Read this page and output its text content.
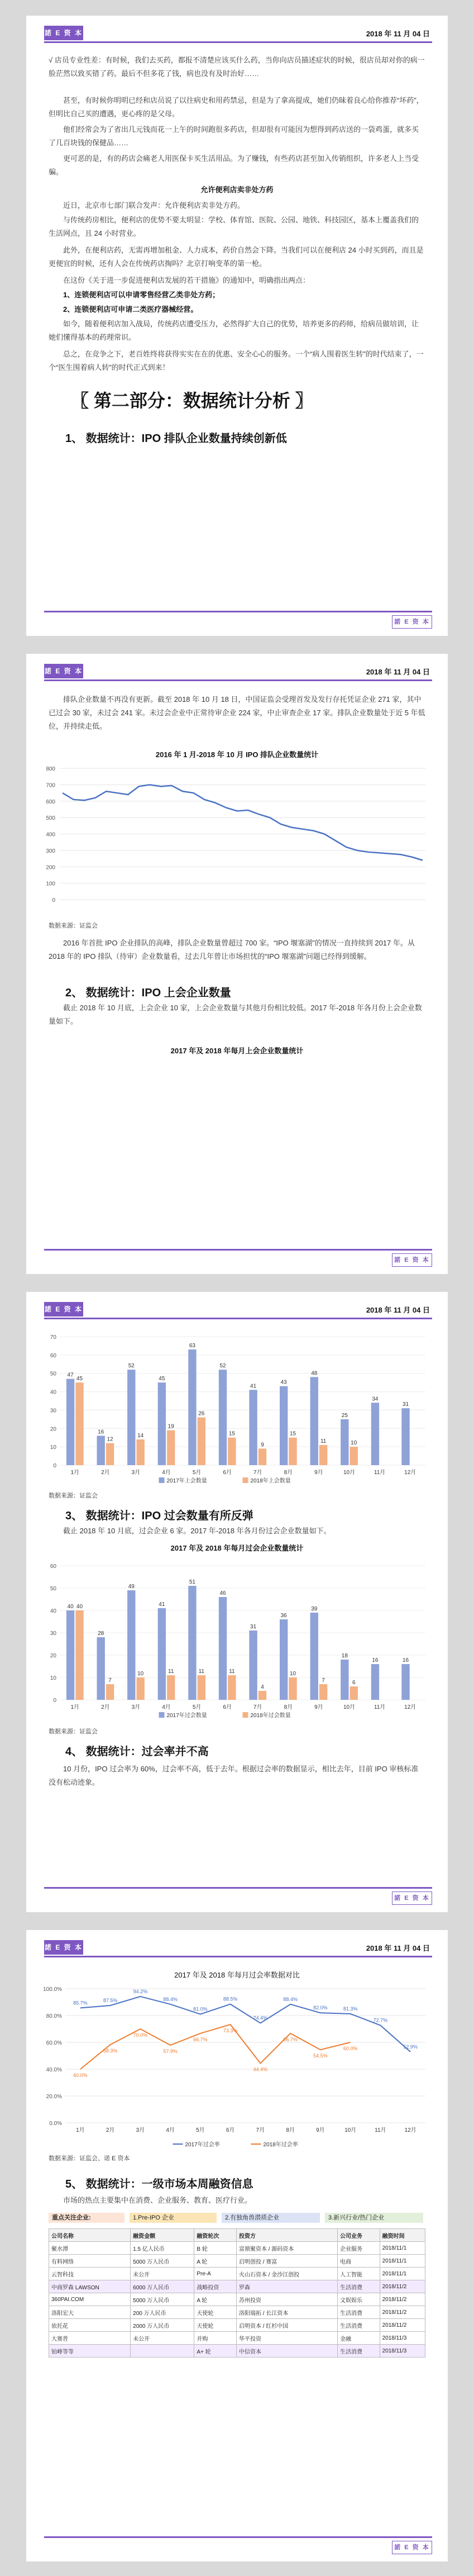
諾 E 资 本	2018 年 11 月 04 日

√ 店员专业性差：有时候，我们去买药，都报不清楚应该买什么药，当你向店员描述症状的时候，很店员却对你的病一脸茫然以致买错了药。最后不但多花了钱，病也没有及时治好……

甚至，有时候你明明已经和店员说了以往病史和用药禁忌，但是为了拿高提成，她们仍昧着良心给你推荐“坏药”，但明比自己买的遭遇，更心疼的是父母。

他们经常会为了省出几元钱而花一上午的时间跑很多药店，但却很有可能因为想得到药店送的一袋鸡蛋，就多买了几百块钱的保健品……

更可恶的是，有的药店会痛老人用医保卡买生活用品。为了赚钱，有些药店甚至加入传销组织，许多老人上当受骗。

允许便利店卖非处方药

近日，北京市七部门联合发声：允许便利店卖非处方药。

与传统药房相比，便利店的优势不要太明显：学校、体育馆、医院、公园、地铁、科技园区，基本上覆盖我们的生活网点，且 24 小时营业。

此外，在便利店药，无需再增加租金、人力成本，药价自然会下降。当我们可以在便利店 24 小时买到药，而且是更便宜的时候，还有人会在传统药店掏吗？北京打响变革的第一枪。

在这份《关于进一步促进便利店发展的若干措施》的通知中，明确指出两点：

1、连锁便利店可以申请零售经营乙类非处方药；

2、连锁便利店可申请二类医疗器械经营。

如今，随着便利店加入战局，传统药店遭受压力，必然得扩大自己的优势，培养更多的药师，给病员做培训，让她们懂得基本的药理常识。

总之，在竞争之下，老百姓终将获得实实在在的优惠、安全心心的服务。一个“病人围着医生转”的时代结束了，一个“医生围着病人转”的时代正式到来！

〖 第二部分：数据统计分析 〗
1、 数据统计：IPO 排队企业数量持续创新低
諾 E 资 本
諾 E 资 本	2018 年 11 月 04 日

排队企业数量不再没有更新。截至 2018 年 10 月 18 日，中国证监会受理首发及发行存托凭证企业 271 家，其中已过会 30 家，未过会 241 家。未过会企业中正常待审企业 224 家，中止审查企业 17 家。排队企业数量处于近 5 年低位，并持续走低。

2016 年 1 月-2018 年 10 月 IPO 排队企业数量统计
0
100
200
300
400
500
600
700
800
数据来源：证监会

2016 年首批 IPO 企业排队的高峰，排队企业数量曾超过 700 家。“IPO 堰塞湖”的情况一直持续到 2017 年。从 2018 年的 IPO 排队（待审）企业数量看，过去几年曾让市场担忧的“IPO 堰塞湖”问题已经得到缓解。

2、 数据统计：IPO 上会企业数量

截止 2018 年 10 月底，上会企业 10 家，上会企业数量与其他月份相比较低。2017 年-2018 年各月份上会企业数量如下。

2017 年及 2018 年每月上会企业数量统计
諾 E 资 本
諾 E 资 本	2018 年 11 月 04 日
0
10
20
30
40
50
60
70
1月
47
45
2月
16
12
3月
52
14
4月
45
19
5月
63
26
6月
52
15
7月
41
9
8月
43
15
9月
48
11
10月
25
10
11月
34
12月
31
2017年上会数量	2018年上会数量
数据来源：证监会
3、 数据统计：IPO 过会数量有所反弹

截止 2018 年 10 月底，过会企业 6 家。2017 年-2018 年各月份过会企业数量如下。

2017 年及 2018 年每月过会企业数量统计
0
10
20
30
40
50
60
1月
40 40
2月
28
7
3月
49
10
4月
41
11
5月
51
11
6月
46
11
7月
31
4
8月
36
10
9月
39
7
10月
18
6
11月
16
12月
16
2017年过会数量	2018年过会数量
数据来源：证监会
4、 数据统计：过会率并不高

10 月份，IPO 过会率为 60%，过会率不高，低于去年。根据过会率的数据显示，相比去年，目前 IPO 审核标准没有松动迹象。

諾 E 资 本
諾 E 资 本	2018 年 11 月 04 日
2017 年及 2018 年每月过会率数据对比
0.0%
20.0%
40.0%
60.0%
80.0%
100.0%
1月	2月	3月	4月	5月	6月	7月	8月	9月	10月	11月	12月
85.7%	87.5%
94.2%
88.4%
81.0%
88.5%
74.4%
88.4%
82.0%	81.3%
72.7%
52.9%
40.0%
58.3%
70.0%
57.9%
66.7%
73.3%
44.4%
66.7%
54.5%
60.0%
2017年过会率	2018年过会率
数据来源：证监会、诺 E 资本
5、 数据统计：一级市场本周融资信息

市场的热点主要集中在消费、企业服务、教育、医疗行业。

重点关注企业:	1.Pre-IPO 企业	2.有独角兽潜质企业	3.新兴行业/热门企业
公司名称	融资金额	融资轮次	投资方	公司业务	融资时间
聚水潭	1.5 亿人民币	B 轮	富鼎聚资本 / 源码资本	企业服务	2018/11/1
有料网络	5000 万人民币	A 轮	启明创投 / 赛富	电商	2018/11/1
云智科技	未公开	Pre-A	火山石资本 / 金沙江创投	人工智能	2018/11/1
中商罗森 LAWSON	6000 万人民币	战略投资	罗森	生活消费	2018/11/2
360PAI.COM	5000 万人民币	A 轮	苏州投资	文娱娱乐	2018/11/2
洛阳宏大	200 万人民币	天使轮	洛阳瑞拓 / 长江资本	生活消费	2018/11/2
依托花	2000 万人民币	天使轮	启明资本 / 红杉中国	生活消费	2018/11/2
大赛普	未公开	并购	华平投资	金融	2018/11/3
铂峰等等		A+ 轮	中信资本	生活消费	2018/11/3
諾 E 资 本
